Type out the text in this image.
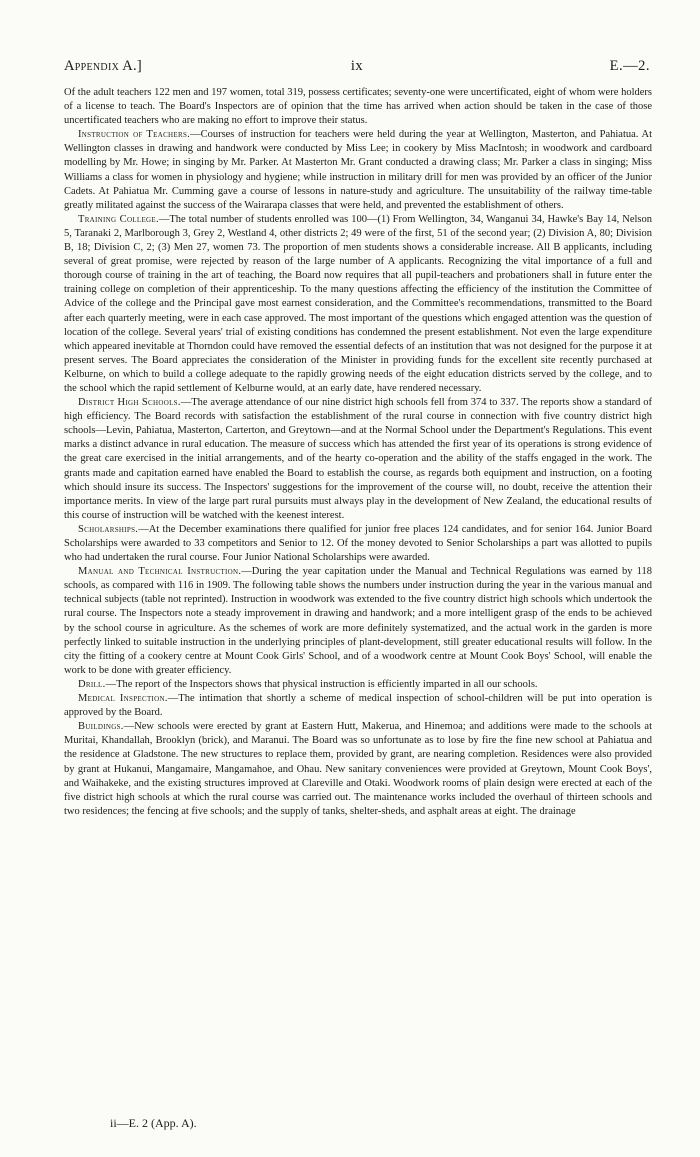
Appendix A.]	ix	E.—2.

Of the adult teachers 122 men and 197 women, total 319, possess certificates; seventy-one were uncertificated, eight of whom were holders of a license to teach. The Board's Inspectors are of opinion that the time has arrived when action should be taken in the case of those uncertificated teachers who are making no effort to improve their status.

Instruction of Teachers.—Courses of instruction for teachers were held during the year at Wellington, Masterton, and Pahiatua. At Wellington classes in drawing and handwork were conducted by Miss Lee; in cookery by Miss MacIntosh; in woodwork and cardboard modelling by Mr. Howe; in singing by Mr. Parker. At Masterton Mr. Grant conducted a drawing class; Mr. Parker a class in singing; Miss Williams a class for women in physiology and hygiene; while instruction in military drill for men was provided by an officer of the Junior Cadets. At Pahiatua Mr. Cumming gave a course of lessons in nature-study and agriculture. The unsuitability of the railway time-table greatly militated against the success of the Wairarapa classes that were held, and prevented the establishment of others.

Training College.—The total number of students enrolled was 100—(1) From Wellington, 34, Wanganui 34, Hawke's Bay 14, Nelson 5, Taranaki 2, Marlborough 3, Grey 2, Westland 4, other districts 2; 49 were of the first, 51 of the second year; (2) Division A, 80; Division B, 18; Division C, 2; (3) Men 27, women 73. The proportion of men students shows a considerable increase. All B applicants, including several of great promise, were rejected by reason of the large number of A applicants. Recognizing the vital importance of a full and thorough course of training in the art of teaching, the Board now requires that all pupil-teachers and probationers shall in future enter the training college on completion of their apprenticeship. To the many questions affecting the efficiency of the institution the Committee of Advice of the college and the Principal gave most earnest consideration, and the Committee's recommendations, transmitted to the Board after each quarterly meeting, were in each case approved. The most important of the questions which engaged attention was the question of location of the college. Several years' trial of existing conditions has condemned the present establishment. Not even the large expenditure which appeared inevitable at Thorndon could have removed the essential defects of an institution that was not designed for the purpose it at present serves. The Board appreciates the consideration of the Minister in providing funds for the excellent site recently purchased at Kelburne, on which to build a college adequate to the rapidly growing needs of the eight education districts served by the college, and to the school which the rapid settlement of Kelburne would, at an early date, have rendered necessary.

District High Schools.—The average attendance of our nine district high schools fell from 374 to 337. The reports show a standard of high efficiency. The Board records with satisfaction the establishment of the rural course in connection with five country district high schools—Levin, Pahiatua, Masterton, Carterton, and Greytown—and at the Normal School under the Department's Regulations. This event marks a distinct advance in rural education. The measure of success which has attended the first year of its operations is strong evidence of the great care exercised in the initial arrangements, and of the hearty co-operation and the ability of the staffs engaged in the work. The grants made and capitation earned have enabled the Board to establish the course, as regards both equipment and instruction, on a footing which should insure its success. The Inspectors' suggestions for the improvement of the course will, no doubt, receive the attention their importance merits. In view of the large part rural pursuits must always play in the development of New Zealand, the educational results of this course of instruction will be watched with the keenest interest.

Scholarships.—At the December examinations there qualified for junior free places 124 candidates, and for senior 164. Junior Board Scholarships were awarded to 33 competitors and Senior to 12. Of the money devoted to Senior Scholarships a part was allotted to pupils who had undertaken the rural course. Four Junior National Scholarships were awarded.

Manual and Technical Instruction.—During the year capitation under the Manual and Technical Regulations was earned by 118 schools, as compared with 116 in 1909. The following table shows the numbers under instruction during the year in the various manual and technical subjects (table not reprinted). Instruction in woodwork was extended to the five country district high schools which undertook the rural course. The Inspectors note a steady improvement in drawing and handwork; and a more intelligent grasp of the ends to be achieved by the school course in agriculture. As the schemes of work are more definitely systematized, and the actual work in the garden is more perfectly linked to suitable instruction in the underlying principles of plant-development, still greater educational results will follow. In the city the fitting of a cookery centre at Mount Cook Girls' School, and of a woodwork centre at Mount Cook Boys' School, will enable the work to be done with greater efficiency.

Drill.—The report of the Inspectors shows that physical instruction is efficiently imparted in all our schools.

Medical Inspection.—The intimation that shortly a scheme of medical inspection of school-children will be put into operation is approved by the Board.

Buildings.—New schools were erected by grant at Eastern Hutt, Makerua, and Hinemoa; and additions were made to the schools at Muritai, Khandallah, Brooklyn (brick), and Maranui. The Board was so unfortunate as to lose by fire the fine new school at Pahiatua and the residence at Gladstone. The new structures to replace them, provided by grant, are nearing completion. Residences were also provided by grant at Hukanui, Mangamaire, Mangamahoe, and Ohau. New sanitary conveniences were provided at Greytown, Mount Cook Boys', and Waihakeke, and the existing structures improved at Clareville and Otaki. Woodwork rooms of plain design were erected at each of the five district high schools at which the rural course was carried out. The maintenance works included the overhaul of thirteen schools and two residences; the fencing at five schools; and the supply of tanks, shelter-sheds, and asphalt areas at eight. The drainage

ii—E. 2 (App. A).
